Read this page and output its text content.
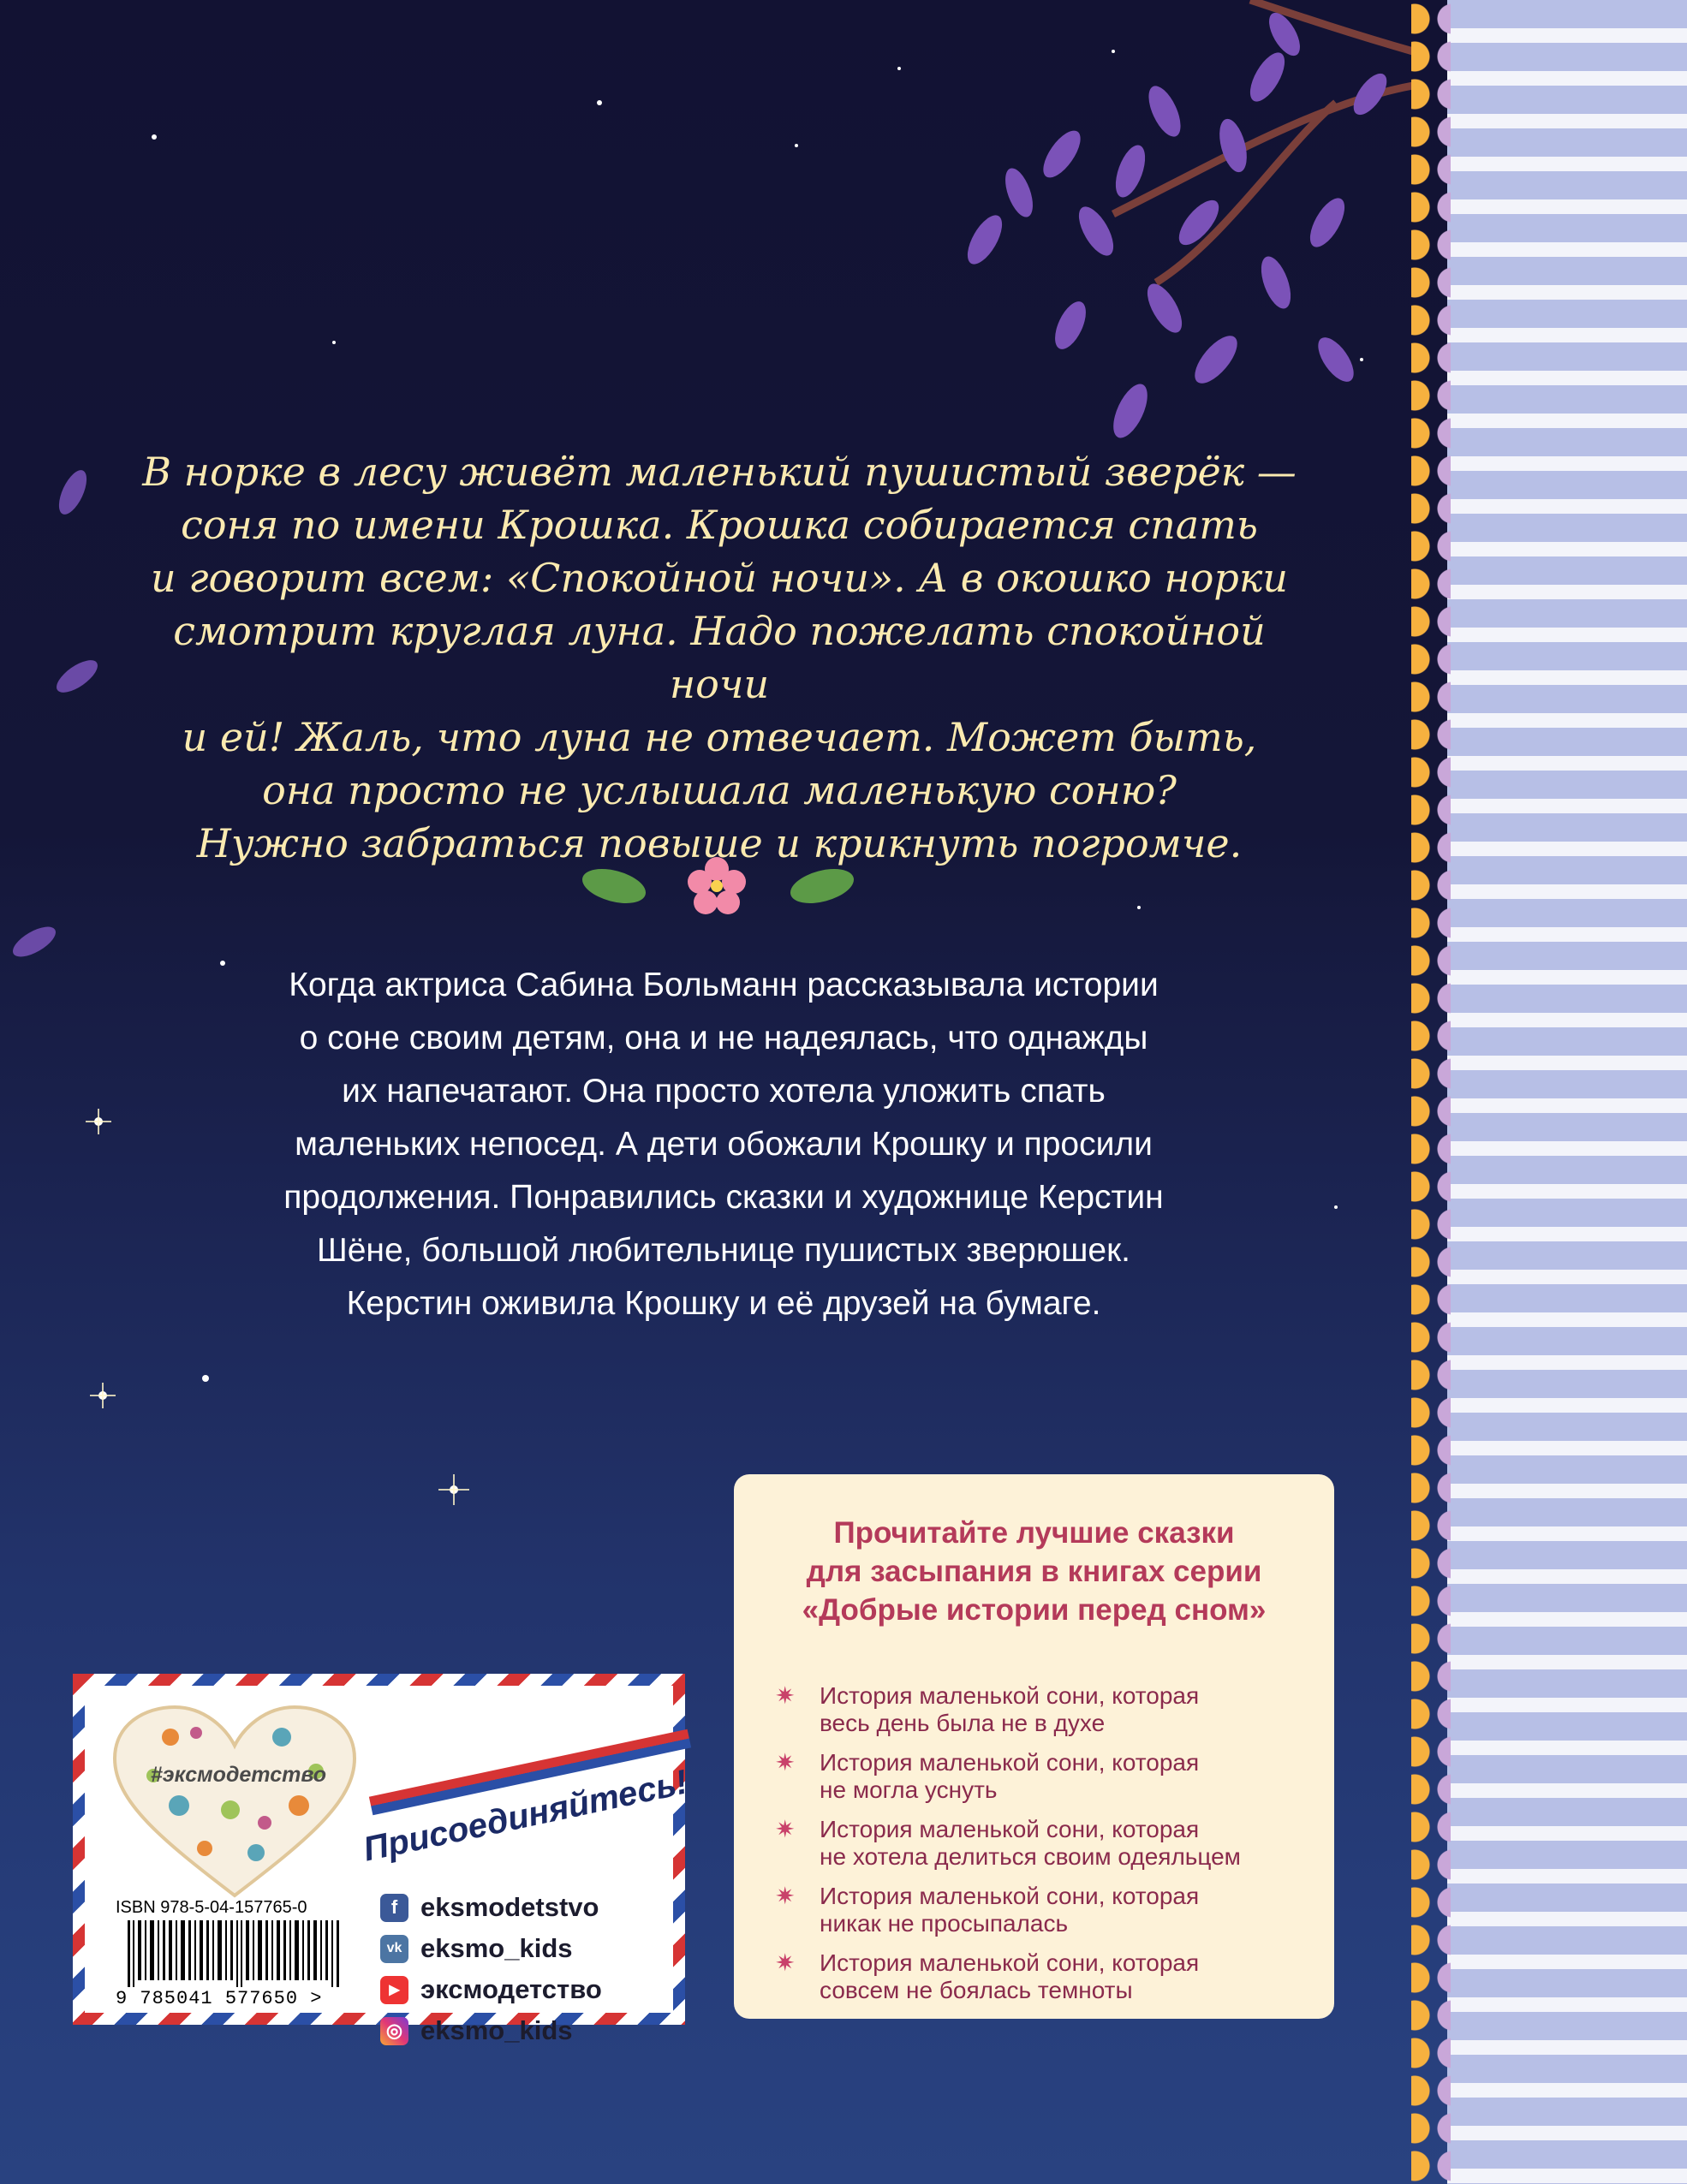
В норке в лесу живёт маленький пушистый зверёк —
соня по имени Крошка. Крошка собирается спать
и говорит всем: «Спокойной ночи». А в окошко норки
смотрит круглая луна. Надо пожелать спокойной ночи
и ей! Жаль, что луна не отвечает. Может быть,
она просто не услышала маленькую соню?
Нужно забраться повыше и крикнуть погромче.

Когда актриса Сабина Больманн рассказывала истории
о соне своим детям, она и не надеялась, что однажды
их напечатают. Она просто хотела уложить спать
маленьких непосед. А дети обожали Крошку и просили
продолжения. Понравились сказки и художнице Керстин
Шёне, большой любительнице пушистых зверюшек.
Керстин оживила Крошку и её друзей на бумаге.
Прочитайте лучшие сказки
для засыпания в книгах серии
«Добрые истории перед сном»
✷ История маленькой сони, которая
весь день была не в духе
✷ История маленькой сони, которая
не могла уснуть
✷ История маленькой сони, которая
не хотела делиться своим одеяльцем
✷ История маленькой сони, которая
никак не просыпалась
✷ История маленькой сони, которая
совсем не боялась темноты
#эксмодетство Присоединяйтесь!
f eksmodetstvo
vk eksmo_kids
▶ эксмодетство
◎ eksmo_kids
ISBN 978-5-04-157765-0
9 785041 577650 >
